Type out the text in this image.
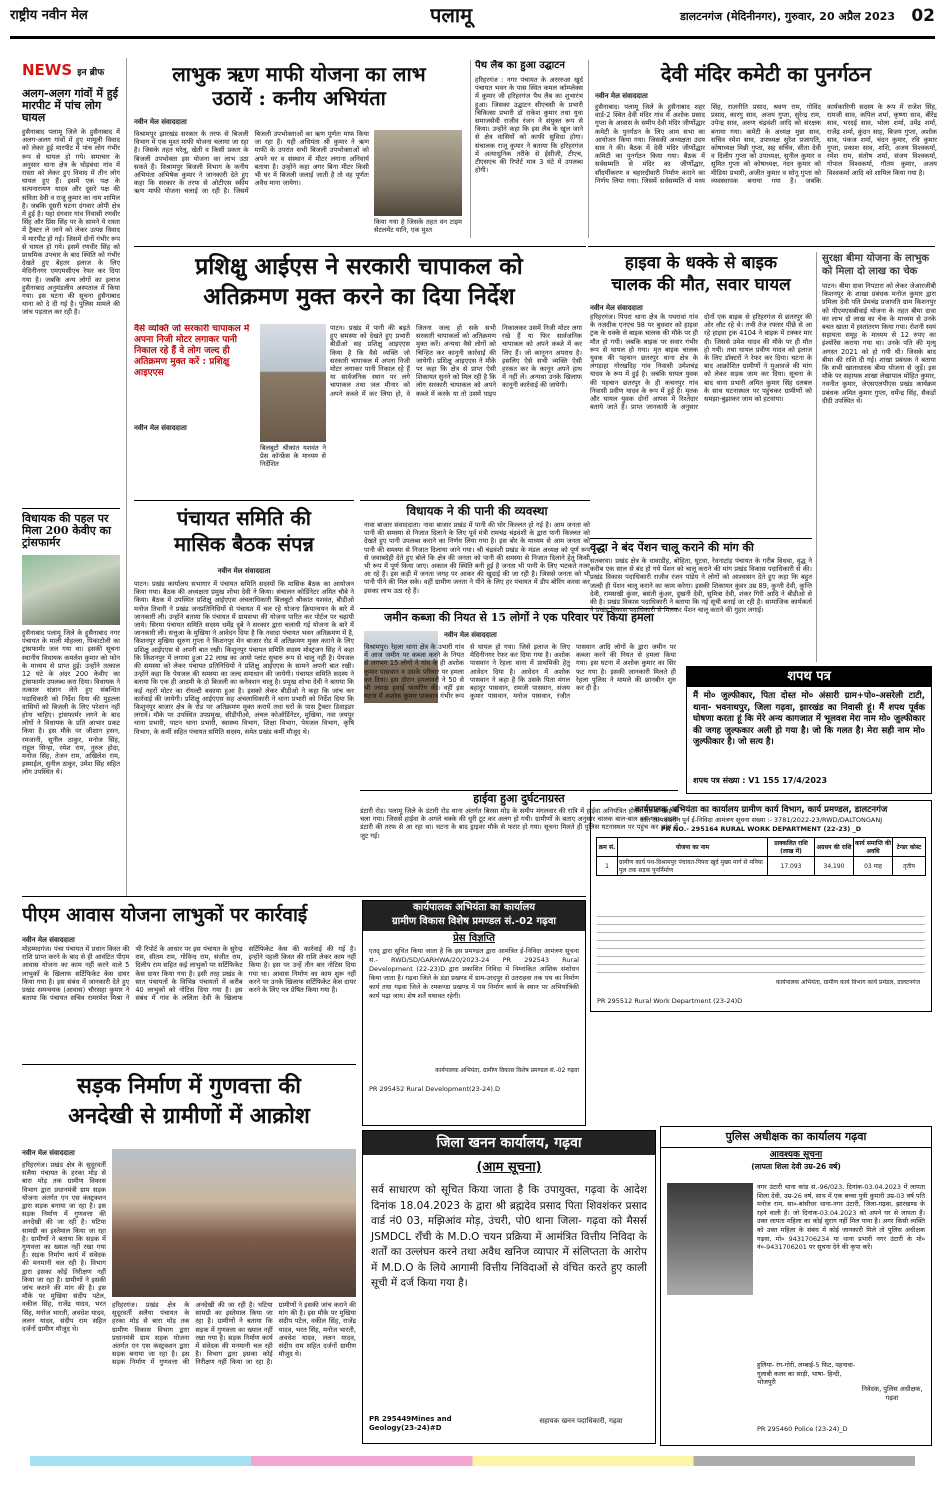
राष्ट्रीय नवीन मेल	पलामू	डालटनगंज (मेदिनीनगर), गुरुवार, 20 अप्रैल 2023 02
NEWS इन ब्रीफ
अलग-अलग गांवों में हुई मारपीट में पांच लोग घायल
हुसैनाबाद पलामू जिले के हुसैनाबाद में अलग-अलग गांवों में हुए मामूली विवाद को लेकर हुई मारपीट में पांच लोग गंभीर रूप से घायल हो गये। समाचार के अनुसार थाना क्षेत्र के घोड़बंधा गांव में रास्ता को लेकर हुए विवाद में तीन लोग घायल हुए हैं। इसमें एक पक्ष के सत्यनारायण यादव और दूसरे पक्ष की सविता देवी व राजू कुमार का नाम शामिल है। जबकि दूसरी घटना दंगवार ओपी क्षेत्र में हुई है। यहां दंगवार गांव निवासी रणवीर सिंह और प्रिंस सिंह पर के सामने ये रास्ता में ट्रैक्टर ले जाने को लेकर उत्पन्न विवाद में मारपीट हो गई। जिसमें दोनों गंभीर रूप से घायल हो गये। इसमें रणवीर सिंह को प्राथमिक उपचार के बाद स्थिति को गंभीर देखते हुए बेहतर इलाज के लिए मेदिनीनगर एमएमसीएच रेफर कर दिया गया है। जबकि अन्य लोगों का इलाज हुसैनाबाद अनुमंडलीय अस्पताल में किया गया। इस घटना की सूचना हुसैनाबाद थाना को दे दी गई है। पुलिस मामले की जांच पड़ताल कर रही है।
विधायक की पहल पर मिला 200 केवीए का ट्रांसफार्मर
हुसैनाबाद पलामू जिले के हुसैनाबाद नगर पंचायत के माली मोहल्ला, पिकाटोली का ट्रांसफार्मर जल गया था। इसकी सूचना स्थानीय विधायक कमलेश कुमार को फोन के माध्यम से प्राप्त हुई। उन्होंने तत्काल 12 घंटे के अंदर 200 केवीए का ट्रांसफार्मर उपलब्ध करा दिया। विधायक ने तत्काल संज्ञान लेते हुए संबन्धित पदाधिकारी को निर्देश दिया की मुहल्ला वासियों को बिजली के लिए परेशान नहीं होना चाहिए। ट्रांसफार्मर लगने के बाद लोगों ने विधायक के प्रति आभार प्रकट किया है। इस मौके पर जीशान हसन, रमजानी, सुनील ठाकुर, मनोज सिंह, राहुल सिन्हा, रमेश राम, नुरुल होदा, मनोज सिंह, तेजन राम, अखिलेश राम, इस्माईल, सुनील ठाकुर, उमेश सिंह सहित लोग उपस्थित थे।
लाभुक ऋण माफी योजना का लाभ
उठायें : कनीय अभियंता
नवीन मेल संवाददाता
विश्रामपुर झारखंड सरकार के तरफ से बिजली विभाग में एक मुश्त माफी योजना चलाया जा रहा है। जिसके तहत घरेलू, खेती व किसी प्रकार के बिजली उपभोक्ता इस योजना का लाभ उठा सकते हैं। विश्रामपुर बिजली विभाग के कनीय अभियंता अभिषेक कुमार ने जानकारी देते हुए कहा कि सरकार के तरफ से ओटीएस स्कीम ऋण माफी योजना चलाई जा रही है। जिसमें बिजली उपभोक्ताओं का ऋण पूर्णतः माफ किया जा रहा है। यही अधियंता श्री कुमार ने ऋण माफी के उपरांत सभी बिजली उपभोक्ताओं को अपने घर व संस्थान में मीटर लगाना अनिवार्य बताया है। उन्होंने कहा अगर बिना मीटर किसी भी घर में बिजली जलाई जाती है तो वह पूर्णतः अवैध माना जायेगा।
किया गया है जिसके तहत वन टाइम सेटलमेंट यानि, एक मुश्त
पैथ लैब का हुआ उद्घाटन
हरिहरगंज : नगर पंचायत के अरररुआ खुर्द पंचायत भवन के पास स्थित कमल कॉम्प्लेक्स में कुमार जी हरिहरगंज पैथ लैब का शुभारंभ हुआ। जिसका उद्घाटन सीएचसी के प्रभारी चिकित्सा प्रभारी डॉ राकेश कुमार तथा युवा समाजसेवी राजीव रंजन ने संयुक्त रूप से किया। उन्होंने कहा कि इस लैब के खुल जाने से क्षेत्र वासियों को काफी सुविधा होगा। संचालक राजू कुमार ने बताया कि हरिहरगंज में अत्याधुनिक तरीके से ईसीजी, टीएच, टीएसएच की रिपोर्ट मात्र 3 घंटे में उपलब्ध होगी।
देवी मंदिर कमेटी का पुनर्गठन
नवीन मेल संवाददाता
हुसैनाबाद। पलामू जिले के हुसैनाबाद शहर वार्ड-2 स्थित देवी मंदिर गांव में अशोक प्रसाद गुप्ता के आवास के समीप देवी मंदिर जीर्णोद्धार कमेटी के पुनर्गठन के लिए आम सभा का आयोजन किया गया। जिसकी अध्यक्षता उदय साव ने की। बैठक में देवी मंदिर जीर्णोद्धार कमिटी का पुनर्गठन किया गया। बैठक में सर्वसम्मति से मंदिर का जीर्णोद्धार, सौंदर्यीकरण व चहारदीवारी निर्माण कराने का निर्णय लिया गया। जिसमें सर्वसम्मति से मध्य सिंह, राजनीति प्रसाद, श्रवण राम, गोविंद प्रसाद, कारगु साव, अजय गुप्ता, सुरेन्द्र राम, उपेन्द्र साव, अरुण चंद्रवंशी आदि को संरक्षक बनाया गया। कमेटी के अध्यक्ष मुन्ना साव, सचिव रमेश साव, उपाध्यक्ष सुरेश प्रजापति, कोषाध्यक्ष मिन्नी गुप्ता, सह सचिव, सीता देवी व दिलीप गुप्ता को उपाध्यक्ष, सुनील कुमार व सुमित गुप्ता को कोषाध्यक्ष, नंदन कुमार को मीडिया प्रभारी, अजीत कुमार व सोनू गुप्ता को व्यवस्थापक बनाया गया है। जबकि कार्यकारिणी सदस्य के रूप में राजेश सिंह, रामजी साव, कपिल शर्मा, कृष्णा साव, बीरेंद्र साव, भरदई साव, भोला शर्मा, उमेंद्र शर्मा, राजेंद्र शर्मा, कुंदन साह, बिजय गुप्ता, अशोक साव, पंकज शर्मा, चंदन कुमार, रवि कुमार गुप्ता, प्रकाश साव, शशि, अजय विश्वकर्मा, रमेश राम, संतोष शर्मा, संजय विश्वकर्मा, गोपाल विश्वकर्मा, गौतम कुमार, अजय विश्वकर्मा आदि को शामिल किया गया है।
प्रशिक्षु आईएस ने सरकारी चापाकल को
अतिक्रमण मुक्त करने का दिया निर्देश
वैसे व्यक्ति जो सरकारी चापाकल में अपना निजी मोटर लगाकर पानी निकाल रहे हैं वे लोग जल्द ही अतिक्रमण मुक्त करें : प्रशिक्षु आइएएस
नवीन मेल संवाददाता
बिलबुटो श्रीकांत यशवंत ने प्रेस कॉन्फ्रेंस के माध्यम से निर्देशित
पाटन। प्रखंड में पानी की बढ़ते हुए समस्या को देखते हुए प्रभारी बीडीओ सह प्रशिक्षु आइएएस किया है कि वैसे व्यक्ति जो सरकारी चापाकल में अपना निजी मोटर लगाकर पानी निकाल रहे हैं या सार्वजनिक स्थान पर लगे चापाकल तथा जल मीनार को अपने कब्जे में कर लिया हो, वे जितना जल्द हो सके सभी सरकारी चापाकलों को अतिक्रमण मुक्त करें। अन्यथा वैसे लोगों को चिन्हित कर कानूनी कार्रवाई की जायेगी। प्रशिक्षु आइएएस ने मौके पर कहा कि क्षेत्र से प्राप्त ऐसी शिकायत सुनने को मिल रही है कि लोग सरकारी चापाकल को अपने कब्जे में करके या तो उसमें पाइप निकालकर उसमें निजी मोटर लगा रखे हैं या फिर सार्वजनिक चापाकल को अपने कब्जे में कर लिए हैं। जो कानूनन अपराध है। इसलिए ऐसे सभी व्यक्ति ऐसी हरकत कर के कानून अपने हाथ में नहीं लें। अन्यथा उनके खिलाफ कानूनी कार्रवाई की जायेगी।
हाइवा के धक्के से बाइक
चालक की मौत, सवार घायल
नवीन मेल संवाददाता
हरिहरगंज। पिपरा थाना क्षेत्र के पथरावां गांव के नजदीक एनएच 98 पर बुधवार को हाइवा ट्रक के धक्के से बाइक चालक की मौके पर ही मौत हो गयी। जबकि बाइक पर सवार गंभीर रूप से घायल हो गया। मृत बाइक चालक युवक की पहचान छतरपुर थाना क्षेत्र के लंगड़ाहा गोरखदिह गांव निवासी उमेशचंद्र यादव के रूप में हुई है। जबकि घायल युवक की पहचान छतरपुर के ही कचनपुर गांव निवासी प्रवीण यादव के रूप में हुई है। मृतक और घायल युवक दोनों आपस में रिश्तेदार बताये जाते हैं। प्राप्त जानकारी के अनुसार दोनों एक बाइक से हरिहरगंज से छतरपुर की ओर लौट रहे थे। तभी तेज रफ्तार पीछे से आ रहे हाइवा ट्रक 4104 ने बाइक में टक्कर मार दी। जिससे उमेश यादव की मौके पर ही मौत हो गयी। तथा घायल प्रवीण यादव को इलाज के लिए डॉक्टरों ने रेफर कर दिया। घटना के बाद आक्रोशित ग्रामीणों ने मुआवजे की मांग को लेकर सड़क जाम कर दिया। सूचना के बाद थाना प्रभारी अमित कुमार सिंह दलबल के साथ घटनास्थल पर पहुंचकर ग्रामीणों को समझा-बुझाकर जाम को हटवाया।
सुरक्षा बीमा योजना के लाभुक को मिला दो लाख का चेक
पाटन। बीमा दावा निपटारा को लेकर जेआरजीबी किशनपुर के शाखा प्रबंधक मनोज कुमार द्वारा प्रमिला देवी पति प्रेमचंद्र प्रजापति ग्राम किशनपुर को पीएमएसबीवाई योजना के तहत बीमा दावा का लाभ दो लाख का चेक के माध्यम से उनके बचत खाता में हस्तांतरण किया गया। रोशनी स्वयं सहायता समूह के माध्यम से 12 रुपए का इंश्योरेंस कराया गया था। उनके पति की मृत्यु अगस्त 2021 को हो गयी थी। जिसके बाद बीमा की राशि दी गई। शाखा प्रबंधक ने बताया कि सभी खाताधारक बीमा योजना से जुड़ें। इस मौके पर सहायक शाखा लेखापाल मोहित कुमार, नवनीत कुमार, जेएसएलपीएस प्रखंड कार्यक्रम प्रबंधक अमित कुमार गुप्ता, धर्मेन्द्र सिंह, सैकड़ों दीदी उपस्थित थे।
पंचायत समिति की
मासिक बैठक संपन्न
नवीन मेल संवाददाता
पाटन। प्रखंड कार्यालय सभागार में पंचायत समिति सदस्यों कि मासिक बैठक का आयोजन किया गया। बैठक की अध्यक्षता प्रमुख शोभा देवी ने किया। संचालन कोर्डिनेटर अमित चौबे ने किया। बैठक में उपस्थित प्रशिक्षु आईएएस अंचलाधिकारी बिलबुटो श्रीकांत यशवंत, बीडीओ मनोज तिवारी ने प्रखंड जनप्रतिनिधियों से पंचायत में चल रहे योजना क्रियान्वयन के बारे में जानकारी ली। उन्होंने बताया कि पंचायत में ग्रामसभा की योजना पारित कर पोर्टल पर चढ़ायी जाये। सिरमा पंचायत समिति सदस्य धर्मेंद्र दुबे ने सरकार द्वारा चलायी गई योजना के बारे में जानकारी ली। सत्तुआ के मुखिया ने आवेदन दिया है कि नवादा पंचायत भवन अतिक्रमण में है, किशनपुर मुखिया सुरुण गुप्ता ने किशनपुर मेन बाजार रोड में अतिक्रमण मुक्त कराने के लिए प्रशिक्षु आईएएस से अपनी बात रखी। किशुनपुर पंचायत समिति सदस्य मोस्ट्रंजन सिंह ने कहा कि किशनपुर में लगाया हुआ 22 लाख का आयो प्लांट सुचारु रूप से चालू नहीं है। पेयजल की समस्या को लेकर पंचायत प्रतिनिधियों ने प्रशिक्षु आईएएस के सामने अपनी बात रखी। उन्होंने कहा कि पेयजल की समस्या का जल्द समाधान की जायेगी। पंचायत समिति सदस्य ने बताया कि एक ही आदमी के दो बिजली का कनेक्शन चालू है। प्रमुख शोभा देवी ने बताया कि कई नहरों मोटर का रॉयल्टी बकाया हुआ है। इसको लेकर बीडीओ ने कहा कि जांच कर कार्रवाई की जायेगी। प्रशिक्षु आईएएस सह अंचलाधिकारी ने थाना प्रभारी को निर्देश दिया कि किशुनपुर बाजार क्षेत्र के रोड पर अतिक्रमण मुक्त करायें तथा घरों के पास ट्रैक्टर डिवाइडर लगायें। मौके पर उपस्थित उपप्रमुख, सीडीपीओ, अंचल कोऑर्डिनेटर, मुखिया, नवा जयपुर थाना प्रभारी, पाटन थाना प्रभारी, स्वास्थ्य विभाग, शिक्षा विभाग, पेयजल विभाग, कृषि विभाग, के कर्मी सहित पंचायत समिति सदस्य, समेत प्रखंड कर्मी मौजूद थे।
विधायक ने की पानी की व्यवस्था
नावा बाजार संवाददाता। नावा बाजार प्रखंड में पानी की घोर किल्लत हो गई है। आम जनता को पानी की समस्या से निजात दिलाने के लिए पूर्व मंत्री रामचंद्र चंद्रवंशी के द्वारा पानी किल्लत को देखते हुए पानी उपलब्ध कराने का निर्णय लिया गया है। इस बोर के माध्यम से आम जनता को पानी की समस्या से निजात दिलाया जाने गया। श्री चंद्रवंशी प्रखंड के मंडल अध्यक्ष को पूर्ण रूप से जवाबदेही देते हुए बोले कि क्षेत्र की जनता को पानी की समस्या से निजात दिलाने हेतु किसी भी रूप में पूर्ण किया जाए। अकाल की स्थिति बनी हुई है जनता भी पानी के लिए भटकते नजर आ रहे हैं। इस कड़ी में जनता जगह पर आकर की खुदाई की जा रही है। जिससे जनता को भी पानी पीने की मिल सके। वहीं ग्रामीण जनता ने पीने के लिए हर पंचायत में डीप बोरिंग करवा कर इसका लाभ उठा रहे हैं।
वृद्धा ने बंद पेंशन चालू कराने की मांग की
सतबरवा। प्रखंड क्षेत्र के धावाडीह, बोहिता, घुटवा, रेवनाटांड़ पंचायत के गरीब विधवा, वृद्ध ने करीब एक साल से बंद हो गये पेंशन को चालू कराने की मांग प्रखंड विकास पदाधिकारी से की। प्रखंड विकास पदाधिकारी राजीव रंजन पांडेय ने लोगों को आश्वासन देते हुए कहा कि बहुत जल्दी ही पेंशन चालू कराने का काम करेगा। इसकी शिकायत कुंवर उम्र 89, कुन्ती देवी, कुन्ति देवी, रामसखी कुंवर, बसंती कुंअर, दुखनी देवी, सुमित्रा देवी, शंकर गिरी आदि ने बीडीओ से की है। प्रखंड विकास पदाधिकारी ने बताया कि नई सूची बनाई जा रही है। सामाजिक कार्यकर्ता ने प्रखंड विकास पदाधिकारी से मिलकर पेंशन चालू कराने की गुहार लगाई।
जमीन कब्जा की नियत से 15 लोगों ने एक परिवार पर किया हमला
नवीन मेल संवाददाता
विश्रामपुर। रेहला थाना क्षेत्र के उभारी गांव में आज जमीन पर कब्जा करने के नियत से लगभग 15 लोगों ने गांव के ही अशोक कुमार पासवान व उसके परिवार पर हमला कर दिया। इस दौरान हमलावरों ने 50 से भी ज्यादा हवाई फायरिंग की। वहीं इस घटना में अशोक कुमार पासवान गंभीर रूप से घायल हो गया। जिसे इलाज के लिए मेदिनीनगर रेफर कर दिया गया है। अशोक पासवान ने रेहला थाना में प्राथमिकी हेतु आवेदन दिया है। आवेदन में अशोक पासवान ने कहा है कि उसके पिता मंगल बहादुर पासवान, रामजी पासवान, संजय कुमार पासवान, मनोज पासवान, रंजीत पासवान आदि लोगों के द्वारा जमीन पर कब्जा करने की नियत से हमला किया गया। इस घटना में अशोक कुमार का सिर फट गया है। इसकी जानकारी मिलते ही रेहला पुलिस ने मामले की छानबीन शुरु कर दी है।
शपथ पत्र
मैं मो० जुल्फीकार, पिता दोस्त मो० अंसारी ग्राम+पो०-असरेली टाटी, थाना- भवनाथपुर, जिला गढ़वा, झारखंड का निवासी हूं। मैं शपथ पूर्वक घोषणा करता हूं कि मेरे अन्य कागजात में भूलवश मेरा नाम मो० जुल्फीकार की जगह जुल्फकार अली हो गया है। जो कि गलत है। मेरा सही नाम मो० जुल्फीकार है। जो सत्य है।
शपथ पत्र संख्या : V1 155 17/4/2023
हाईवा हुआ दुर्घटनाग्रस्त
डंटारी रोड। पलामू जिले के डंटारी रोड थाना अंतर्गत बिरसा मोड़ के समीप मंगलवार की रात्रि में हाईवा अनियंत्रित होकर रोड से खाई में चला गया। जिससे हाईवा के अगले चक्के की धुरी टूट कर अलग हो गयी। ग्रामीणों के बताए अनुसार चालक बाल-बाल बच गया। हाइवा डंटारी की तरफ से आ रहा था। घटना के बाद ड्राइवर मौके से फरार हो गया। सूचना मिलते ही पुलिस घटनास्थल पर पहुंच कर जांच में जुट गई।
कार्यपालक अभियंता का कार्यालय ग्रामीण कार्य विभाग, कार्य प्रमण्डल, डालटनगंज
अति अल्पकालीन पुर्न ई-निविदा आमंत्रण सूचना संख्या :- 3781/2022-23/RWD/DALTONGANJ
PR NO.- 295164 RURAL WORK DEPARTMENT (22-23) _D
क्रम सं.	योजना का नाम	प्राक्कलित राशि (लाख में)	अग्रधन की राशि	कार्य समाप्ति की अवधि	टेन्डर कोस्ट
1	ग्रामीण कार्य पथ-विश्रामपुर पंचायत-पिपरा खुर्द मुख्य मार्ग से मनिया पुल तक सड़क पुनर्निर्माण	17.093	34,190	03 माह	तृतीय
कार्यपालक अभियंता, ग्रामीण कार्य विभाग कार्य प्रमंडल, डालटनगंज
PR 295512 Rural Work Department (23-24)D
पीएम आवास योजना लाभुकों पर कार्रवाई
नवीन मेल संवाददाता
मोहम्मदगंज। पंचा पंचायत में प्रधान किस्त की राशि प्राप्त करने के बाद से ही आवंटित पीएम आवास योजना का काम नहीं करने वाले 5 लाभुकों के खिलाफ सर्टिफिकेट केस दायर किया गया है। इस संबंध में जानकारी देते हुए प्रखंड समन्वयक (आवास) चौरसहा कुमार ने बताया कि पंचायत सचिव रामरमेश मिश्रा ने भी रिपोर्ट के आधार पर इस पंचायत के सुरेन्द्र राम, सीतम राम, गोविन्द राम, संजीत राम, दिलीप राम सहित कई लाभुकों पर सर्टिफिकेट केस दायर किया गया है। इसी तरह प्रखंड के सात पंचायतों के विभिन्न पंचायतों में करीब 40 लाभुकों को नोटिस दिया गया है। इस संबंध में गांव के ललिता देवी के खिलाफ सर्टिफिकेट केस की कार्रवाई की गई है। इन्होंने पहली किस्त की राशि लेकर काम नहीं किया है। इस पर उन्हें तीन बार नोटिस दिया गया था। आवास निर्माण का काम शुरू नहीं करने पर उनके खिलाफ सर्टिफिकेट केस दायर करने के लिए पत्र प्रेषित किया गया है।
कार्यपालक अभियंता का कार्यालय
ग्रामीण विकास विशेष प्रमण्डल सं.-02 गढ़वा
प्रेस विज्ञप्ति
एतद् द्वारा सूचित किया जाता है कि इस प्रमण्डल द्वारा आमंत्रित ई-निविदा आमंत्रण सूचना सं.- RWD/SD/GARHWA/20/2023-24 PR 292543 Rural Development (22-23)D द्वारा प्रकाशित निविदा में निम्नांकित आंशिक संशोधन किया जाता है। गढ़वा जिले के डंडा प्रखण्ड में ग्राम-उरदपुर से उतराहवा तक पथ का निर्माण कार्य तथा गढ़वा जिले के रमकण्डा प्रखण्ड में पथ निर्माण कार्य के स्थान पर अभियांत्रिकी कार्य पढ़ा जाय। शेष शर्तें यथावत रहेगी।
कार्यपालक अभियंता, ग्रामीण विकास विशेष प्रमण्डल सं.-02 गढ़वा
PR 295452 Rural Development(23-24).D
जिला खनन कार्यालय, गढ़वा
(आम सूचना)
सर्व साधारण को सूचित किया जाता है कि उपायुक्त, गढ़वा के आदेश दिनांक 18.04.2023 के द्वारा श्री ब्रह्मदेव प्रसाद पिता शिवशंकर प्रसाद वार्ड नं0 03, मझिआंव मोड़, उंचरी, पो0 थाना जिला- गढ़वा को मैसर्स JSMDCL राँची के M.D.O चयन प्रक्रिया में आमंत्रित वित्तीय निविदा के शर्तों का उल्लंघन करने तथा अवैध खनिज व्यापार में संलिप्तता के आरोप में M.D.O के लिये आगामी वित्तीय निविदाओं से वंचित करते हुए काली सूची में दर्ज किया गया है।
PR 295449Mines and Geology(23-24)#D
सहायक खनन पदाधिकारी, गढ़वा
पुलिस अधीक्षक का कार्यालय गढ़वा
आवश्यक सूचना
(लापता शिला देवी उम्र-26 वर्ष)
नगर उंटारी थाना कांड सं.-96/023, दिनांक-03.04.2023 में लापता शिला देवी, उम्र-26 वर्ष, साथ में एक बच्चा पुत्री कुमारी उम्र-03 वर्ष पति मनोज राम, सा०-बांसीधर थाना-नगर उंटारी, जिला-गढ़वा, झारखण्ड के रहने वाली हैं। जो दिनांक-03.04.2023 को अपने घर से लापता हैं। उक्त लापता महिला का कोई सुराग नहीं मिल पाया है। अगर किसी व्यक्ति को उक्त महिला के संबंध में कोई जानकारी मिले तो पुलिस अधीक्षक गढ़वा, मो० 9431706234 या थाना प्रभारी नगर उंटारी के मो० नं०-9431706201 पर सूचना देने की कृपा करें।
हुलिया- रंग-गोरी, लम्बाई-5 फिट, पहनावा- गुलाबी कलर का साड़ी, भाषा- हिन्दी, भोजपुरी
निवेदक, पुलिस अधीक्षक, गढ़वा
PR 295460 Police (23-24)_D
सड़क निर्माण में गुणवत्ता की
अनदेखी से ग्रामीणों में आक्रोश
नवीन मेल संवाददाता
हरिहरगंज। प्रखंड क्षेत्र के सुदूरवर्ती सलैया पंचायत के हरका मोड़ से बारा मोड़ तक ग्रामीण विकास विभाग द्वारा प्रधानमंत्री ग्राम सड़क योजना अंतर्गत एन एस कंस्ट्रक्शन द्वारा सड़क बनाया जा रहा है। इस सड़क निर्माण में गुणवत्ता की अनदेखी की जा रही है। घटिया सामग्री का इस्तेमाल किया जा रहा है। ग्रामीणों ने बताया कि सड़क में गुणवत्ता का ख्याल नहीं रखा गया है। सड़क निर्माण कार्य में संवेदक की मनमानी चल रही है। विभाग द्वारा इसका कोई निरीक्षण नहीं किया जा रहा है। ग्रामीणों ने इसकी जांच कराने की मांग की है। इस मौके पर मुखिया संदीप पटेल, वकील सिंह, राजेंद्र यादव, भरत सिंह, मनोज भारती, अवधेश यादव, ललन यादव, संदीप राम सहित दर्जनों ग्रामीण मौजूद थे।
हरिहरगंज। प्रखंड क्षेत्र के सुदूरवर्ती सलैया पंचायत के हरका मोड़ से बारा मोड़ तक ग्रामीण विकास विभाग द्वारा प्रधानमंत्री ग्राम सड़क योजना अंतर्गत एन एस कंस्ट्रक्शन द्वारा सड़क बनाया जा रहा है। इस सड़क निर्माण में गुणवत्ता की अनदेखी की जा रही है। घटिया सामग्री का इस्तेमाल किया जा रहा है। ग्रामीणों ने बताया कि सड़क में गुणवत्ता का ख्याल नहीं रखा गया है। सड़क निर्माण कार्य में संवेदक की मनमानी चल रही है। विभाग द्वारा इसका कोई निरीक्षण नहीं किया जा रहा है। ग्रामीणों ने इसकी जांच कराने की मांग की है। इस मौके पर मुखिया संदीप पटेल, वकील सिंह, राजेंद्र यादव, भरत सिंह, मनोज भारती, अवधेश यादव, ललन यादव, संदीप राम सहित दर्जनों ग्रामीण मौजूद थे।
